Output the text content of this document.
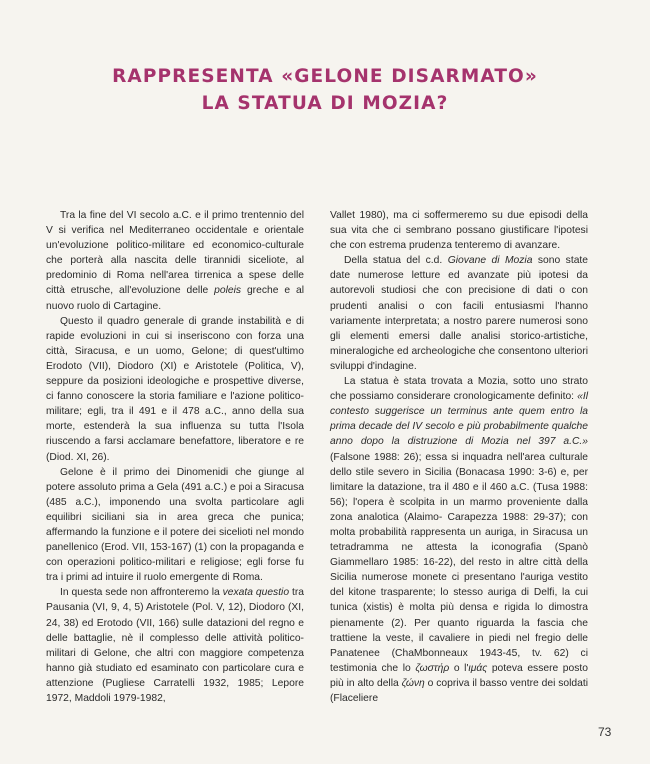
RAPPRESENTA «GELONE DISARMATO»
LA STATUA DI MOZIA?

Tra la fine del VI secolo a.C. e il primo trentennio del V si verifica nel Mediterraneo occidentale e orientale un'evoluzione politico-militare ed economico-culturale che porterà alla nascita delle tirannidi siceliote, al predominio di Roma nell'area tirrenica a spese delle città etrusche, all'evoluzione delle poleis greche e al nuovo ruolo di Cartagine.

Questo il quadro generale di grande instabilità e di rapide evoluzioni in cui si inseriscono con forza una città, Siracusa, e un uomo, Gelone; di quest'ultimo Erodoto (VII), Diodoro (XI) e Aristotele (Politica, V), seppure da posizioni ideologiche e prospettive diverse, ci fanno conoscere la storia familiare e l'azione politico-militare; egli, tra il 491 e il 478 a.C., anno della sua morte, estenderà la sua influenza su tutta l'Isola riuscendo a farsi acclamare benefattore, liberatore e re (Diod. XI, 26).

Gelone è il primo dei Dinomenidi che giunge al potere assoluto prima a Gela (491 a.C.) e poi a Siracusa (485 a.C.), imponendo una svolta particolare agli equilibri siciliani sia in area greca che punica; affermando la funzione e il potere dei sicelioti nel mondo panellenico (Erod. VII, 153-167) (1) con la propaganda e con operazioni politico-militari e religiose; egli forse fu tra i primi ad intuire il ruolo emergente di Roma.

In questa sede non affronteremo la vexata questio tra Pausania (VI, 9, 4, 5) Aristotele (Pol. V, 12), Diodoro (XI, 24, 38) ed Erotodo (VII, 166) sulle datazioni del regno e delle battaglie, nè il complesso delle attività politico-militari di Gelone, che altri con maggiore competenza hanno già studiato ed esaminato con particolare cura e attenzione (Pugliese Carratelli 1932, 1985; Lepore 1972, Maddoli 1979-1982,

Vallet 1980), ma ci soffermeremo su due episodi della sua vita che ci sembrano possano giustificare l'ipotesi che con estrema prudenza tenteremo di avanzare.

Della statua del c.d. Giovane di Mozia sono state date numerose letture ed avanzate più ipotesi da autorevoli studiosi che con precisione di dati o con prudenti analisi o con facili entusiasmi l'hanno variamente interpretata; a nostro parere numerosi sono gli elementi emersi dalle analisi storico-artistiche, mineralogiche ed archeologiche che consentono ulteriori sviluppi d'indagine.

La statua è stata trovata a Mozia, sotto uno strato che possiamo considerare cronologicamente definito: «Il contesto suggerisce un terminus ante quem entro la prima decade del IV secolo e più probabilmente qualche anno dopo la distruzione di Mozia nel 397 a.C.» (Falsone 1988: 26); essa si inquadra nell'area culturale dello stile severo in Sicilia (Bonacasa 1990: 3-6) e, per limitare la datazione, tra il 480 e il 460 a.C. (Tusa 1988: 56); l'opera è scolpita in un marmo proveniente dalla zona analotica (Alaimo- Carapezza 1988: 29-37); con molta probabilità rappresenta un auriga, in Siracusa un tetradramma ne attesta la iconografia (Spanò Giammellaro 1985: 16-22), del resto in altre città della Sicilia numerose monete ci presentano l'auriga vestito del kitone trasparente; lo stesso auriga di Delfi, la cui tunica (xistis) è molta più densa e rigida lo dimostra pienamente (2). Per quanto riguarda la fascia che trattiene la veste, il cavaliere in piedi nel fregio delle Panatenee (ChaMbonneaux 1943-45, tv. 62) ci testimonia che lo ζωστήρ o l'ιμάς poteva essere posto più in alto della ζώνη o copriva il basso ventre dei soldati (Flaceliere

73
